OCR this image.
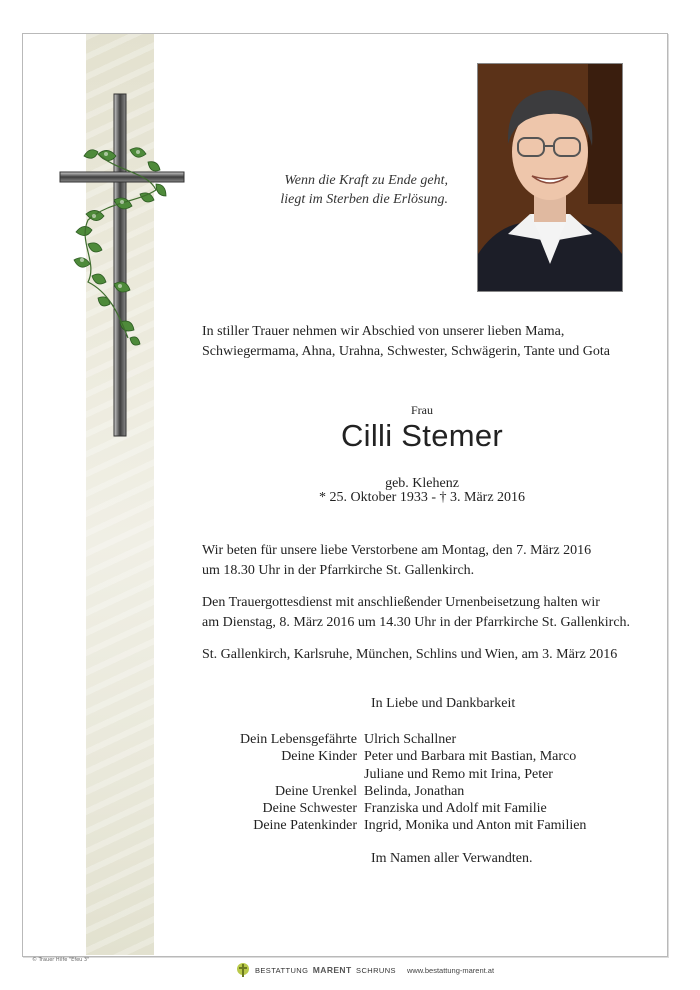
Wenn die Kraft zu Ende geht,
liegt im Sterben die Erlösung.
In stiller Trauer nehmen wir Abschied von unserer lieben Mama,
Schwiegermama, Ahna, Urahna, Schwester, Schwägerin, Tante und Gota
Frau
Cilli Stemer
geb. Klehenz
* 25. Oktober 1933 - † 3. März 2016
Wir beten für unsere liebe Verstorbene am Montag, den 7. März 2016
um 18.30 Uhr in der Pfarrkirche St. Gallenkirch.
Den Trauergottesdienst mit anschließender Urnenbeisetzung halten wir
am Dienstag, 8. März 2016 um 14.30 Uhr in der Pfarrkirche St. Gallenkirch.
St. Gallenkirch, Karlsruhe, München, Schlins und Wien, am 3. März 2016
In Liebe und Dankbarkeit
Dein Lebensgefährte Ulrich Schallner
Deine Kinder Peter und Barbara mit Bastian, Marco
Juliane und Remo mit Irina, Peter
Deine Urenkel Belinda, Jonathan
Deine Schwester Franziska und Adolf mit Familie
Deine Patenkinder Ingrid, Monika und Anton mit Familien
Im Namen aller Verwandten.
© Trauer Hilfe "Efeu 3"
BESTATTUNG MARENT SCHRUNS www.bestattung-marent.at
